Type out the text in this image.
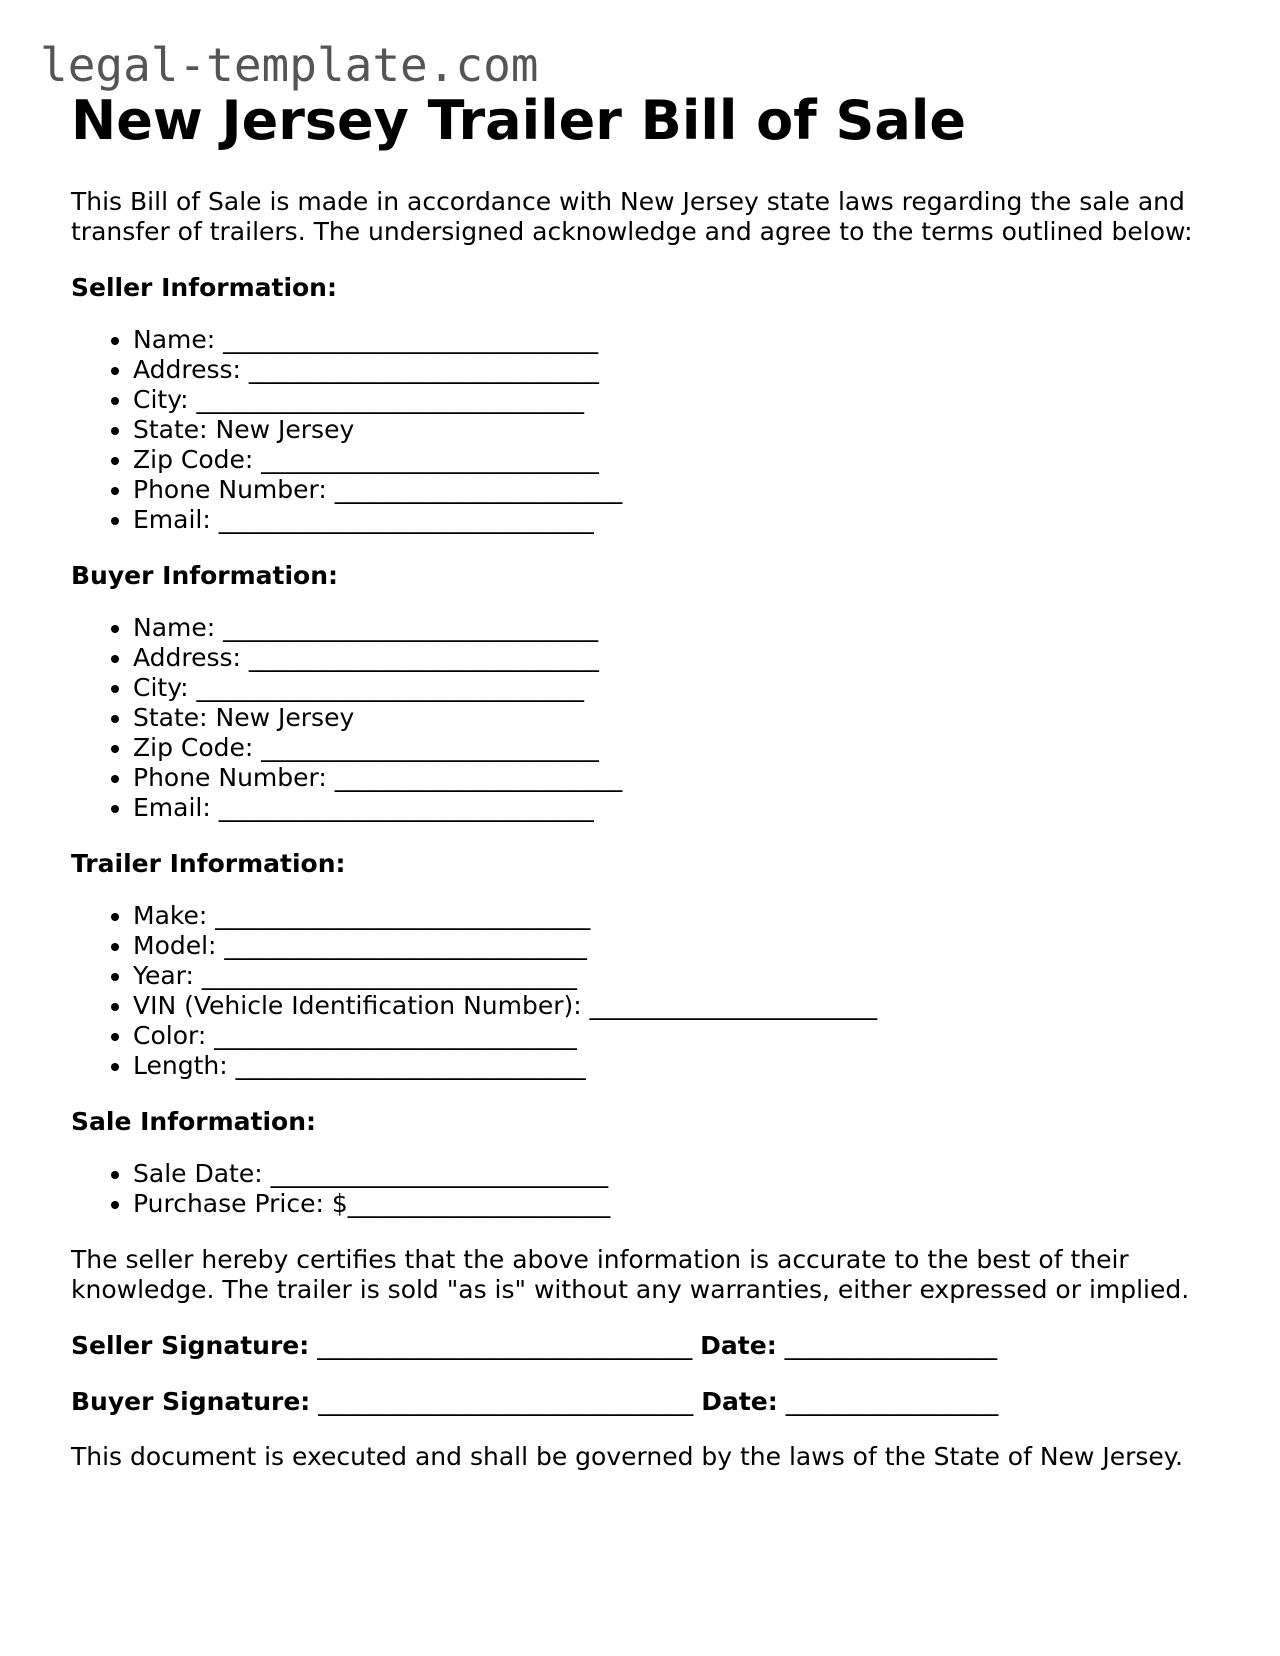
legal-template.com
New Jersey Trailer Bill of Sale

This Bill of Sale is made in accordance with New Jersey state laws regarding the sale and transfer of trailers. The undersigned acknowledge and agree to the terms outlined below:

Seller Information:
• Name: ______________________________
• Address: ____________________________
• City: _______________________________
• State: New Jersey
• Zip Code: ___________________________
• Phone Number: _______________________
• Email: ______________________________
Buyer Information:
• Name: ______________________________
• Address: ____________________________
• City: _______________________________
• State: New Jersey
• Zip Code: ___________________________
• Phone Number: _______________________
• Email: ______________________________
Trailer Information:
• Make: ______________________________
• Model: _____________________________
• Year: ______________________________
• VIN (Vehicle Identification Number): _______________________
• Color: _____________________________
• Length: ____________________________
Sale Information:
• Sale Date: ___________________________
• Purchase Price: $_____________________

The seller hereby certifies that the above information is accurate to the best of their knowledge. The trailer is sold "as is" without any warranties, either expressed or implied.

Seller Signature: ______________________________ Date: _________________
Buyer Signature: ______________________________ Date: _________________

This document is executed and shall be governed by the laws of the State of New Jersey.
